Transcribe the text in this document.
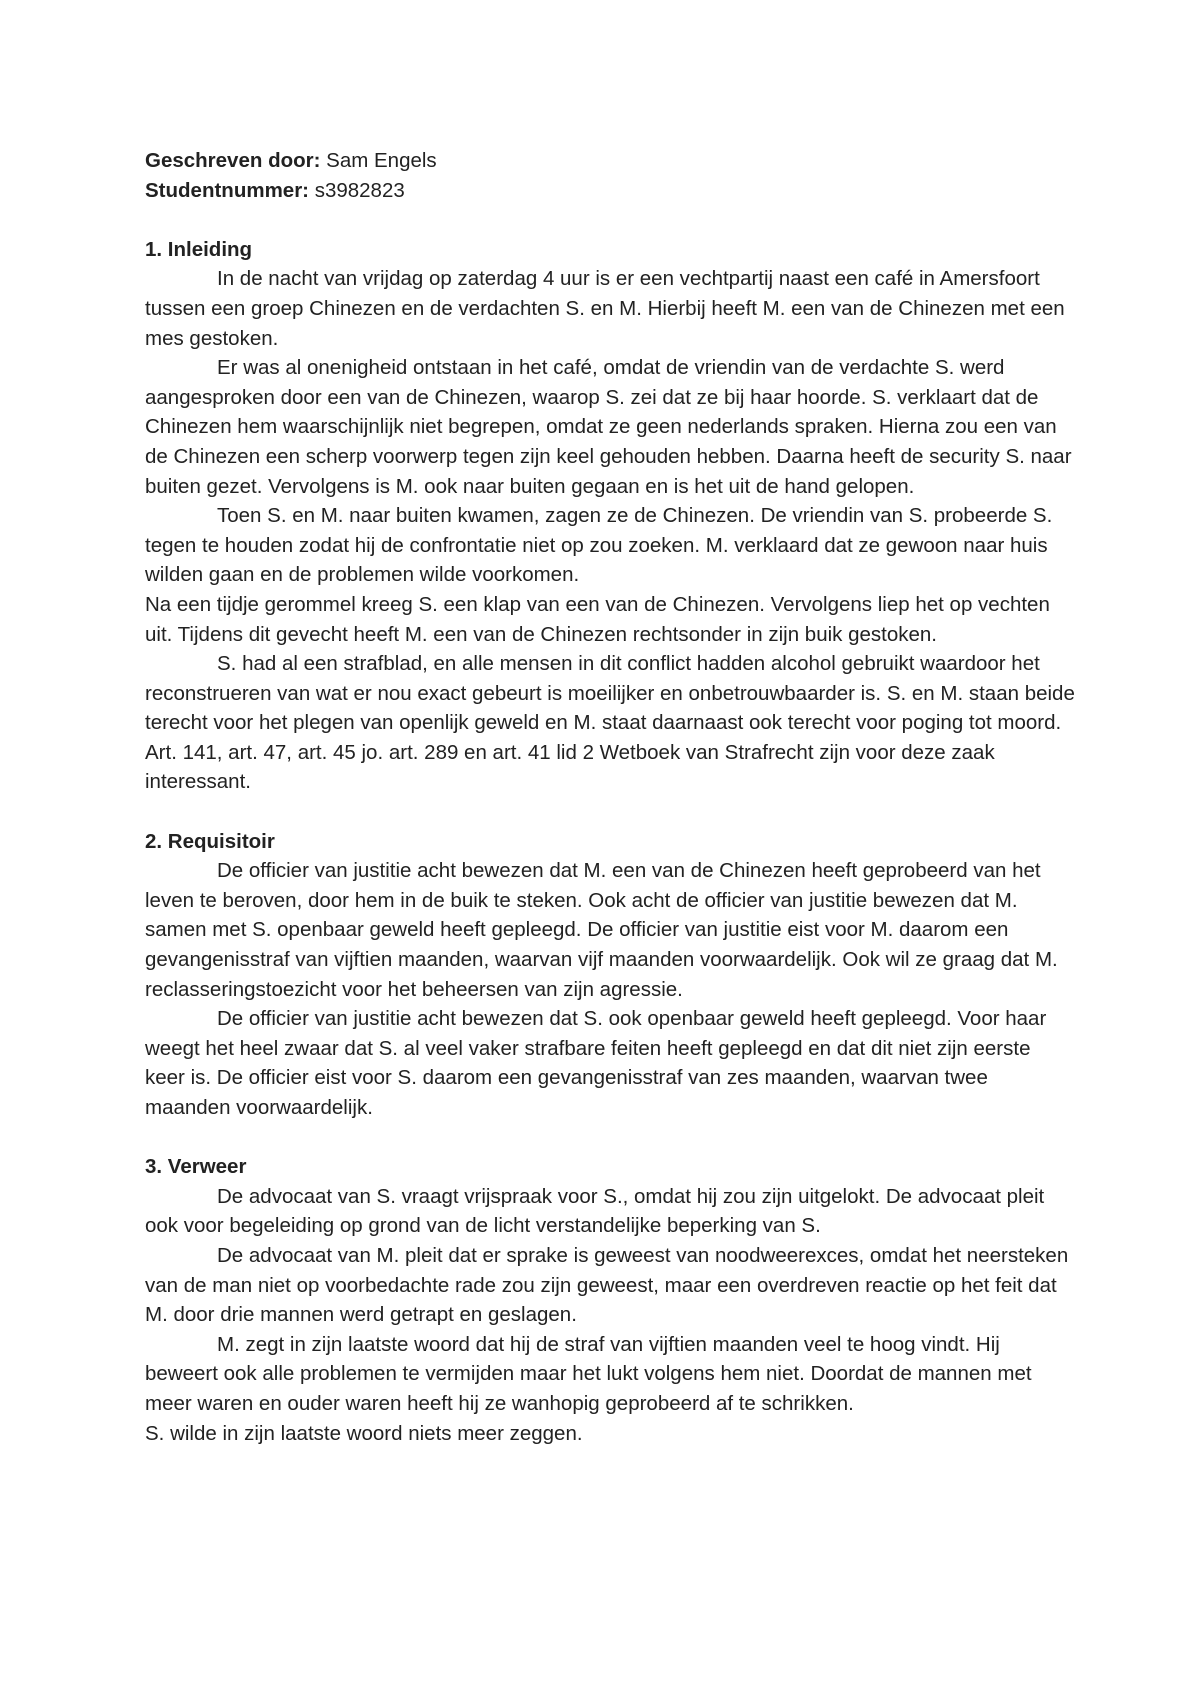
Geschreven door: Sam Engels

Studentnummer: s3982823

1. Inleiding

In de nacht van vrijdag op zaterdag 4 uur is er een vechtpartij naast een café in Amersfoort tussen een groep Chinezen en de verdachten S. en M. Hierbij heeft M. een van de Chinezen met een mes gestoken.

Er was al onenigheid ontstaan in het café, omdat de vriendin van de verdachte S. werd aangesproken door een van de Chinezen, waarop S. zei dat ze bij haar hoorde. S. verklaart dat de Chinezen hem waarschijnlijk niet begrepen, omdat ze geen nederlands spraken. Hierna zou een van de Chinezen een scherp voorwerp tegen zijn keel gehouden hebben. Daarna heeft de security S. naar buiten gezet. Vervolgens is M. ook naar buiten gegaan en is het uit de hand gelopen.

Toen S. en M. naar buiten kwamen, zagen ze de Chinezen. De vriendin van S. probeerde S. tegen te houden zodat hij de confrontatie niet op zou zoeken. M. verklaard dat ze gewoon naar huis wilden gaan en de problemen wilde voorkomen.

Na een tijdje gerommel kreeg S. een klap van een van de Chinezen. Vervolgens liep het op vechten uit. Tijdens dit gevecht heeft M. een van de Chinezen rechtsonder in zijn buik gestoken.

S. had al een strafblad, en alle mensen in dit conflict hadden alcohol gebruikt waardoor het reconstrueren van wat er nou exact gebeurt is moeilijker en onbetrouwbaarder is. S. en M. staan beide terecht voor het plegen van openlijk geweld en M. staat daarnaast ook terecht voor poging tot moord. Art. 141, art. 47, art. 45 jo. art. 289 en art. 41 lid 2 Wetboek van Strafrecht zijn voor deze zaak interessant.

2. Requisitoir

De officier van justitie acht bewezen dat M. een van de Chinezen heeft geprobeerd van het leven te beroven, door hem in de buik te steken. Ook acht de officier van justitie bewezen dat M. samen met S. openbaar geweld heeft gepleegd. De officier van justitie eist voor M. daarom een gevangenisstraf van vijftien maanden, waarvan vijf maanden voorwaardelijk. Ook wil ze graag dat M. reclasseringstoezicht voor het beheersen van zijn agressie.

De officier van justitie acht bewezen dat S. ook openbaar geweld heeft gepleegd. Voor haar weegt het heel zwaar dat S. al veel vaker strafbare feiten heeft gepleegd en dat dit niet zijn eerste keer is. De officier eist voor S. daarom een gevangenisstraf van zes maanden, waarvan twee maanden voorwaardelijk.

3. Verweer

De advocaat van S. vraagt vrijspraak voor S., omdat hij zou zijn uitgelokt. De advocaat pleit ook voor begeleiding op grond van de licht verstandelijke beperking van S.

De advocaat van M. pleit dat er sprake is geweest van noodweerexces, omdat het neersteken van de man niet op voorbedachte rade zou zijn geweest, maar een overdreven reactie op het feit dat M. door drie mannen werd getrapt en geslagen.

M. zegt in zijn laatste woord dat hij de straf van vijftien maanden veel te hoog vindt. Hij beweert ook alle problemen te vermijden maar het lukt volgens hem niet. Doordat de mannen met meer waren en ouder waren heeft hij ze wanhopig geprobeerd af te schrikken.

S. wilde in zijn laatste woord niets meer zeggen.
